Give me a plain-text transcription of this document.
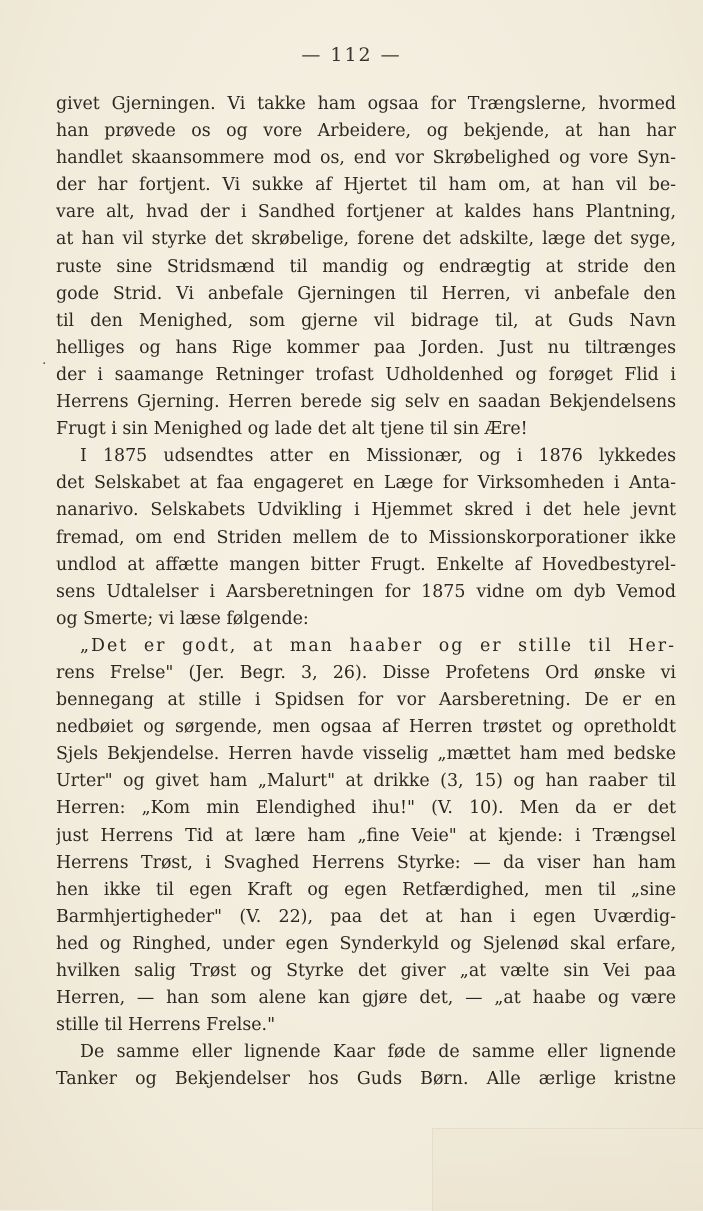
— 112 —
.
givet Gjerningen. Vi takke ham ogsaa for Trængslerne, hvormed
han prøvede os og vore Arbeidere, og bekjende, at han har
handlet skaansommere mod os, end vor Skrøbelighed og vore Syn-
der har fortjent. Vi sukke af Hjertet til ham om, at han vil be-
vare alt, hvad der i Sandhed fortjener at kaldes hans Plantning,
at han vil styrke det skrøbelige, forene det adskilte, læge det syge,
ruste sine Stridsmænd til mandig og endrægtig at stride den
gode Strid. Vi anbefale Gjerningen til Herren, vi anbefale den
til den Menighed, som gjerne vil bidrage til, at Guds Navn
helliges og hans Rige kommer paa Jorden. Just nu tiltrænges
der i saamange Retninger trofast Udholdenhed og forøget Flid i
Herrens Gjerning. Herren berede sig selv en saadan Bekjendelsens
Frugt i sin Menighed og lade det alt tjene til sin Ære!
I 1875 udsendtes atter en Missionær, og i 1876 lykkedes
det Selskabet at faa engageret en Læge for Virksomheden i Anta-
nanarivo. Selskabets Udvikling i Hjemmet skred i det hele jevnt
fremad, om end Striden mellem de to Missionskorporationer ikke
undlod at affætte mangen bitter Frugt. Enkelte af Hovedbestyrel-
sens Udtalelser i Aarsberetningen for 1875 vidne om dyb Vemod
og Smerte; vi læse følgende:
„Det er godt, at man haaber og er stille til Her-
rens Frelse" (Jer. Begr. 3, 26). Disse Profetens Ord ønske vi
bennegang at stille i Spidsen for vor Aarsberetning. De er en
nedbøiet og sørgende, men ogsaa af Herren trøstet og opretholdt
Sjels Bekjendelse. Herren havde visselig „mættet ham med bedske
Urter" og givet ham „Malurt" at drikke (3, 15) og han raaber til
Herren: „Kom min Elendighed ihu!" (V. 10). Men da er det
just Herrens Tid at lære ham „fine Veie" at kjende: i Trængsel
Herrens Trøst, i Svaghed Herrens Styrke: — da viser han ham
hen ikke til egen Kraft og egen Retfærdighed, men til „sine
Barmhjertigheder" (V. 22), paa det at han i egen Uværdig-
hed og Ringhed, under egen Synderkyld og Sjelenød skal erfare,
hvilken salig Trøst og Styrke det giver „at vælte sin Vei paa
Herren, — han som alene kan gjøre det, — „at haabe og være
stille til Herrens Frelse."
De samme eller lignende Kaar føde de samme eller lignende
Tanker og Bekjendelser hos Guds Børn. Alle ærlige kristne
